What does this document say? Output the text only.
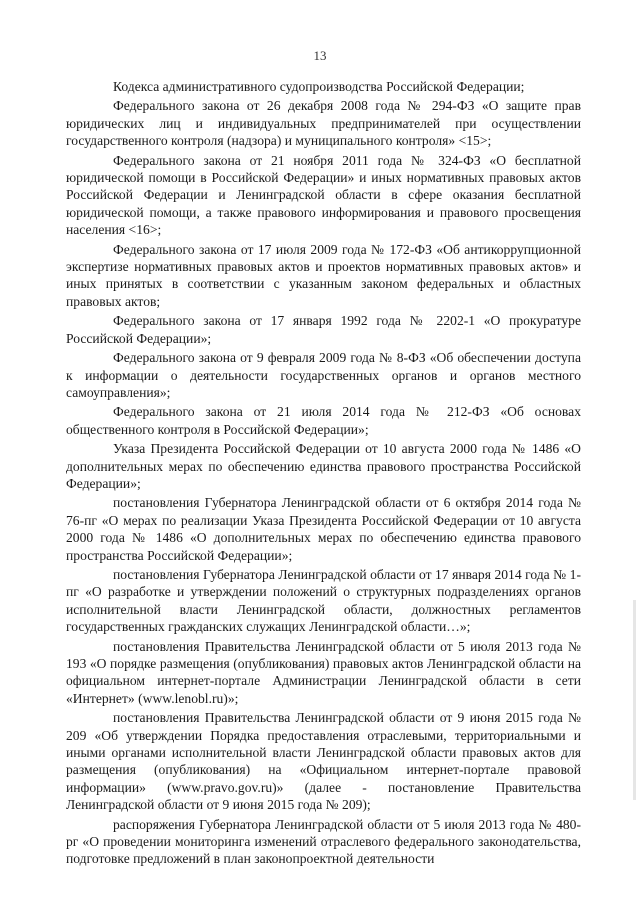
13

Кодекса административного судопроизводства Российской Федерации;

Федерального закона от 26 декабря 2008 года № 294-ФЗ «О защите прав юридических лиц и индивидуальных предпринимателей при осуществлении государственного контроля (надзора) и муниципального контроля» <15>;

Федерального закона от 21 ноября 2011 года № 324-ФЗ «О бесплатной юридической помощи в Российской Федерации» и иных нормативных правовых актов Российской Федерации и Ленинградской области в сфере оказания бесплатной юридической помощи, а также правового информирования и правового просвещения населения <16>;

Федерального закона от 17 июля 2009 года № 172-ФЗ «Об антикоррупционной экспертизе нормативных правовых актов и проектов нормативных правовых актов» и иных принятых в соответствии с указанным законом федеральных и областных правовых актов;

Федерального закона от 17 января 1992 года № 2202-1 «О прокуратуре Российской Федерации»;

Федерального закона от 9 февраля 2009 года № 8-ФЗ «Об обеспечении доступа к информации о деятельности государственных органов и органов местного самоуправления»;

Федерального закона от 21 июля 2014 года № 212-ФЗ «Об основах общественного контроля в Российской Федерации»;

Указа Президента Российской Федерации от 10 августа 2000 года № 1486 «О дополнительных мерах по обеспечению единства правового пространства Российской Федерации»;

постановления Губернатора Ленинградской области от 6 октября 2014 года № 76-пг «О мерах по реализации Указа Президента Российской Федерации от 10 августа 2000 года № 1486 «О дополнительных мерах по обеспечению единства правового пространства Российской Федерации»;

постановления Губернатора Ленинградской области от 17 января 2014 года № 1-пг «О разработке и утверждении положений о структурных подразделениях органов исполнительной власти Ленинградской области, должностных регламентов государственных гражданских служащих Ленинградской области…»;

постановления Правительства Ленинградской области от 5 июля 2013 года № 193 «О порядке размещения (опубликования) правовых актов Ленинградской области на официальном интернет-портале Администрации Ленинградской области в сети «Интернет» (www.lenobl.ru)»;

постановления Правительства Ленинградской области от 9 июня 2015 года № 209 «Об утверждении Порядка предоставления отраслевыми, территориальными и иными органами исполнительной власти Ленинградской области правовых актов для размещения (опубликования) на «Официальном интернет-портале правовой информации» (www.pravo.gov.ru)» (далее - постановление Правительства Ленинградской области от 9 июня 2015 года № 209);

распоряжения Губернатора Ленинградской области от 5 июля 2013 года № 480-рг «О проведении мониторинга изменений отраслевого федерального законодательства, подготовке предложений в план законопроектной деятельности
